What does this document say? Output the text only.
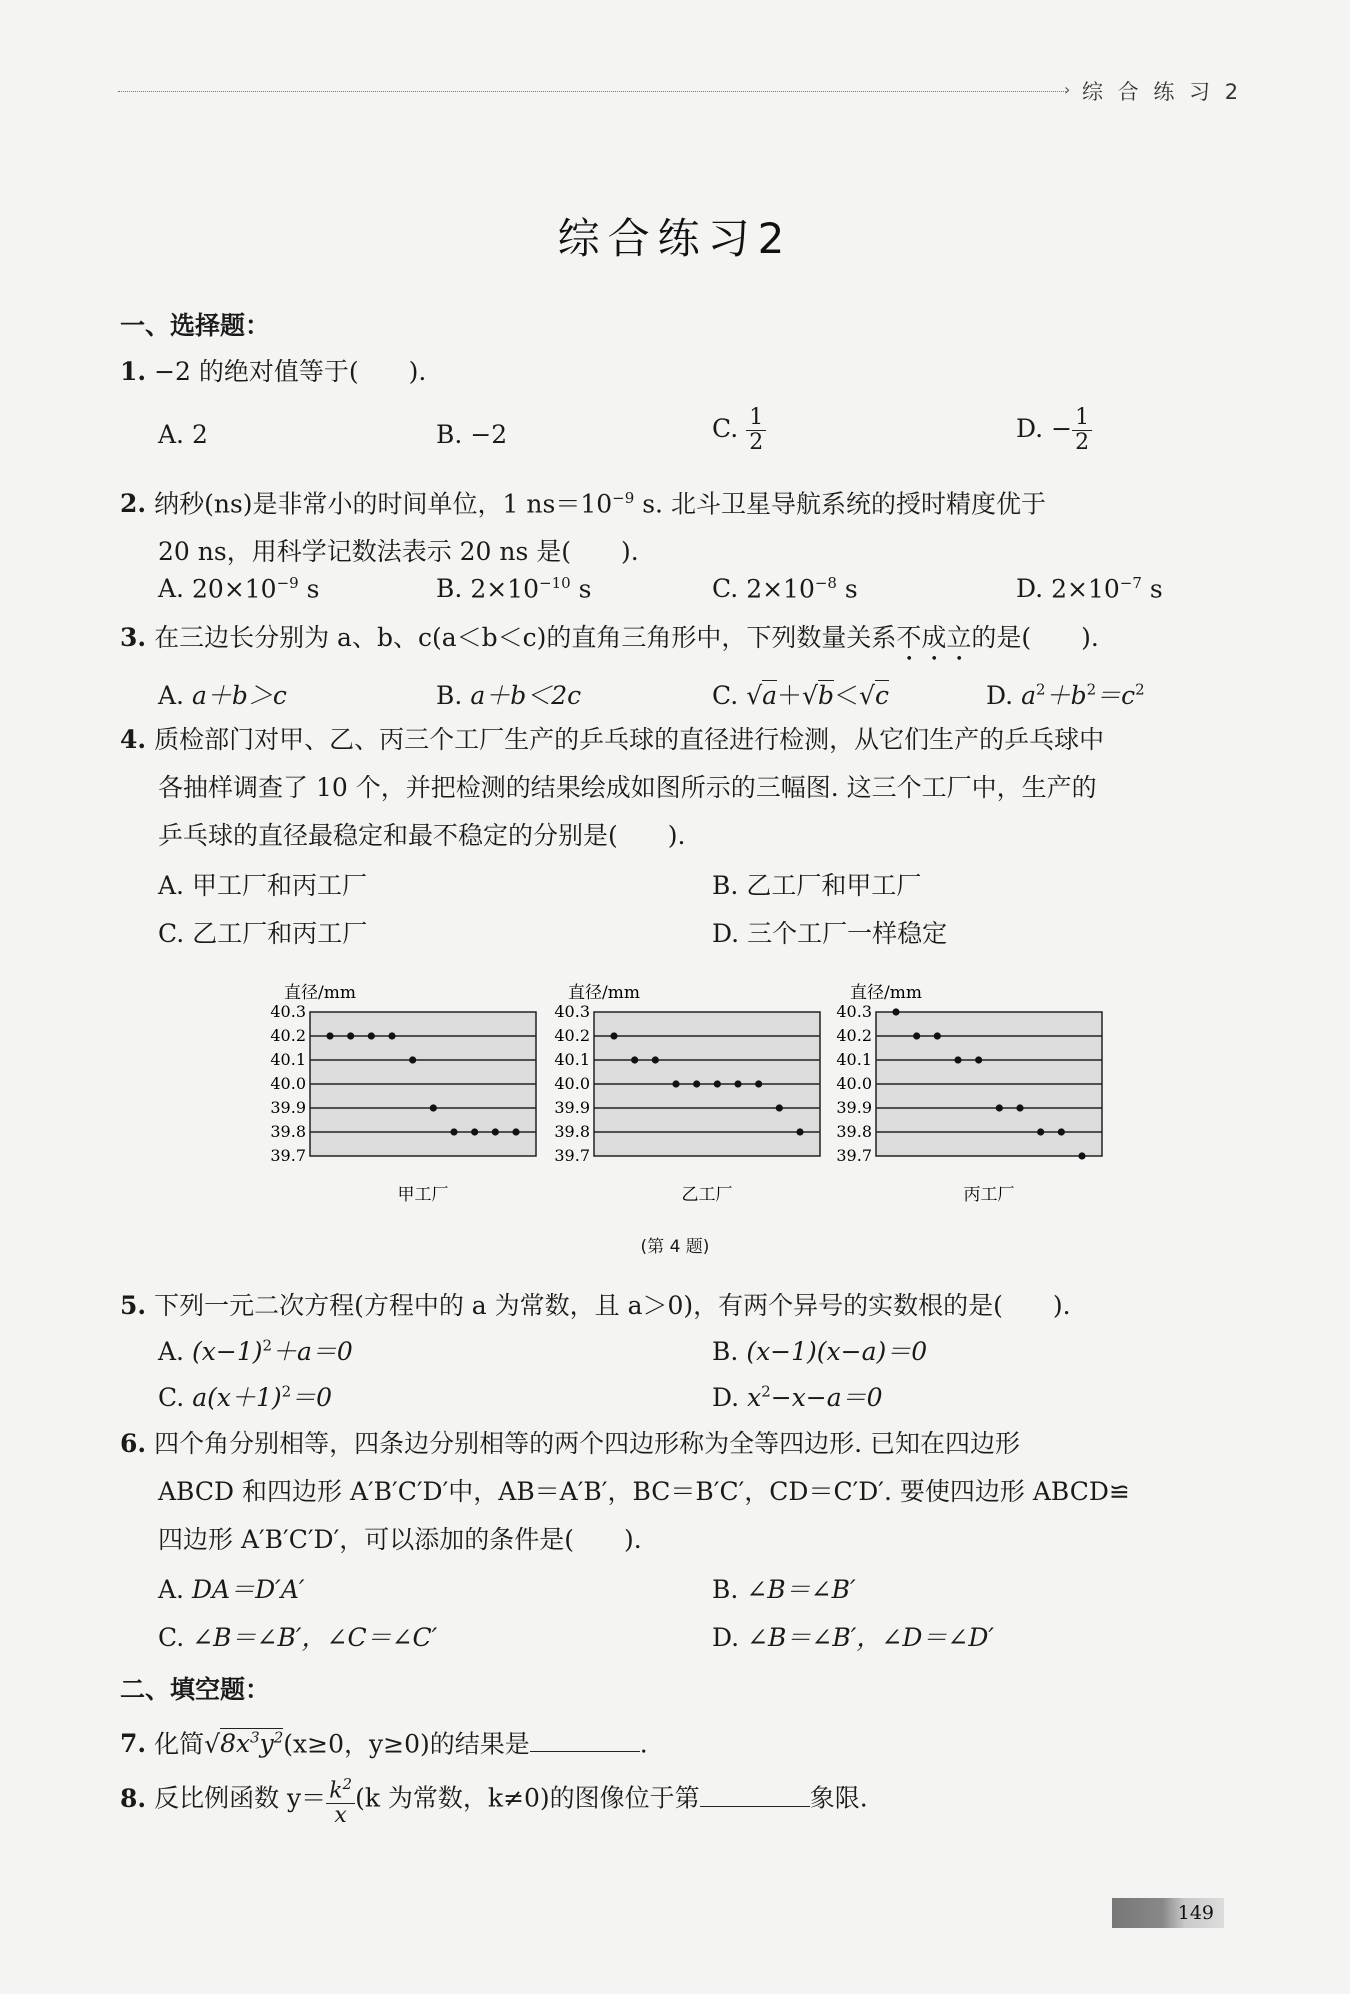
› 综 合 练 习 2
综合练习2
一、选择题：
1. −2 的绝对值等于(　　).
A. 2	B. −2	C. $\frac{1}{2}$	D. − $\frac{1}{2}$
2. 纳秒(ns)是非常小的时间单位，1 $ns=10^{-9}$ s. 北斗卫星导航系统的授时精度优于
20 ns，用科学记数法表示 20 ns 是(　　).
A. $20\times 10^{-9}$ s	B. $2\times 10^{-10}$ s	C. $2\times 10^{-8}$ s	D. $2\times 10^{-7}$ s
3. 在三边长分别为 a、b、c(a＜b＜c)的直角三角形中，下列数量关系不成立的是(　　).
A. a＋b＞c	B. a＋b＜2c	C. √a＋√b＜√c	D. $a^2+b^2=c^2$
4. 质检部门对甲、乙、丙三个工厂生产的乒乓球的直径进行检测，从它们生产的乒乓球中
各抽样调查了 10 个，并把检测的结果绘成如图所示的三幅图. 这三个工厂中，生产的
乒乓球的直径最稳定和最不稳定的分别是(　　).
A. 甲工厂和丙工厂	B. 乙工厂和甲工厂
C. 乙工厂和丙工厂	D. 三个工厂一样稳定
直径/mm
40.3
40.2
40.1
40.0
39.9
39.8
39.7
甲工厂
直径/mm
40.3
40.2
40.1
40.0
39.9
39.8
39.7
乙工厂
直径/mm
40.3
40.2
40.1
40.0
39.9
39.8
39.7
丙工厂
(第 4 题)
5. 下列一元二次方程(方程中的 a 为常数，且 a＞0)，有两个异号的实数根的是(　　).
A. $(x-1)^2+a=0$	B. (x−1)(x−a)＝0
C. $a(x+1)^2=0$	D. $x^2-x-a=0$
6. 四个角分别相等，四条边分别相等的两个四边形称为全等四边形. 已知在四边形
ABCD 和四边形 A′B′C′D′中，AB＝A′B′，BC＝B′C′，CD＝C′D′. 要使四边形 ABCD≌
四边形 A′B′C′D′，可以添加的条件是(　　).
A. DA＝D′A′	B. ∠B＝∠B′
C. ∠B＝∠B′，∠C＝∠C′	D. ∠B＝∠B′，∠D＝∠D′
二、填空题：
7. 化简$√8x^3y^2(x\ge 0$，y≥0)的结果是	.
8. 反比例函数 $y= \frac{k^2}{x} (k$ 为常数，k≠0)的图像位于第	象限.
149
